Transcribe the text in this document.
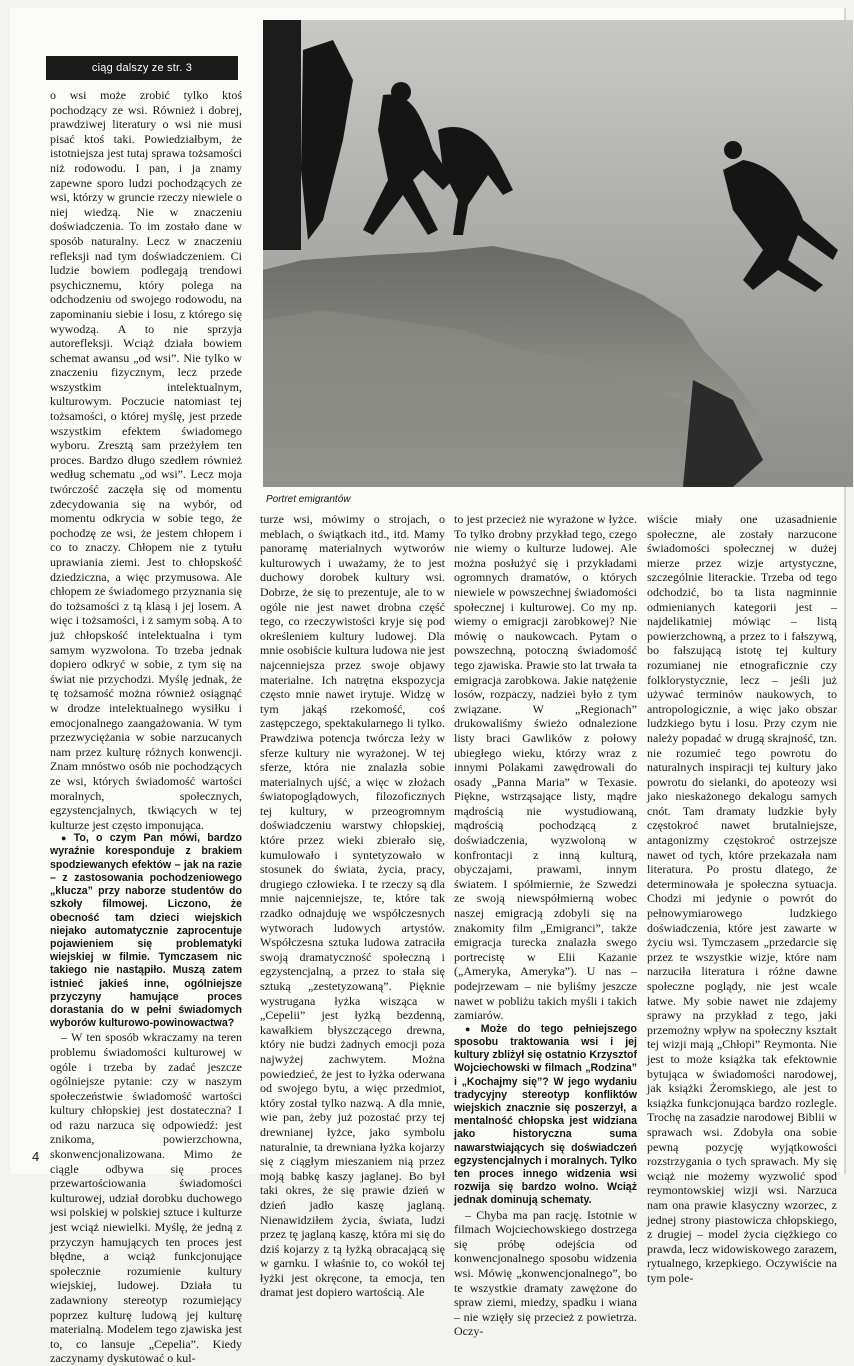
ciąg dalszy ze str. 3

o wsi może zrobić tylko ktoś pochodzący ze wsi. Również i dobrej, prawdziwej literatury o wsi nie musi pisać ktoś taki. Powiedziałbym, że istotniejsza jest tutaj sprawa tożsamości niż rodowodu. I pan, i ja znamy zapewne sporo ludzi pochodzących ze wsi, którzy w gruncie rzeczy niewiele o niej wiedzą. Nie w znaczeniu doświadczenia. To im zostało dane w sposób naturalny. Lecz w znaczeniu refleksji nad tym doświadczeniem. Ci ludzie bowiem podlegają trendowi psychicznemu, który polega na odchodzeniu od swojego rodowodu, na zapominaniu siebie i losu, z którego się wywodzą. A to nie sprzyja autorefleksji. Wciąż działa bowiem schemat awansu „od wsi”. Nie tylko w znaczeniu fizycznym, lecz przede wszystkim intelektualnym, kulturowym. Poczucie natomiast tej tożsamości, o której myślę, jest przede wszystkim efektem świadomego wyboru. Zresztą sam przeżyłem ten proces. Bardzo długo szedłem również według schematu „od wsi”. Lecz moja twórczość zaczęła się od momentu zdecydowania się na wybór, od momentu odkrycia w sobie tego, że pochodzę ze wsi, że jestem chłopem i co to znaczy. Chłopem nie z tytułu uprawiania ziemi. Jest to chłopskość dziedziczna, a więc przymusowa. Ale chłopem ze świadomego przyznania się do tożsamości z tą klasą i jej losem. A więc i tożsamości, i z samym sobą. A to już chłopskość intelektualna i tym samym wyzwolona. To trzeba jednak dopiero odkryć w sobie, z tym się na świat nie przychodzi. Myślę jednak, że tę tożsamość można również osiągnąć w drodze intelektualnego wysiłku i emocjonalnego zaangażowania. W tym przezwyciężania w sobie narzucanych nam przez kulturę różnych konwencji. Znam mnóstwo osób nie pochodzących ze wsi, których świadomość wartości moralnych, społecznych, egzystencjalnych, tkwiących w tej kulturze jest często imponująca.

● To, o czym Pan mówi, bardzo wyraźnie koresponduje z brakiem spodziewanych efektów – jak na razie – z zastosowania pochodzeniowego „klucza” przy naborze studentów do szkoły filmowej. Liczono, że obecność tam dzieci wiejskich niejako automatycznie zaprocentuje pojawieniem się problematyki wiejskiej w filmie. Tymczasem nic takiego nie nastąpiło. Muszą zatem istnieć jakieś inne, ogólniejsze przyczyny hamujące proces dorastania do w pełni świadomych wyborów kulturowo-powinowactwa?

– W ten sposób wkraczamy na teren problemu świadomości kulturowej w ogóle i trzeba by zadać jeszcze ogólniejsze pytanie: czy w naszym społeczeństwie świadomość wartości kultury chłopskiej jest dostateczna? I od razu narzuca się odpowiedź: jest znikoma, powierzchowna, skonwencjonalizowana. Mimo że ciągle odbywa się proces przewartościowania świadomości kulturowej, udział dorobku duchowego wsi polskiej w polskiej sztuce i kulturze jest wciąż niewielki. Myślę, że jedną z przyczyn hamujących ten proces jest błędne, a wciąż funkcjonujące społecznie rozumienie kultury wiejskiej, ludowej. Działa tu zadawniony stereotyp rozumiejący poprzez kulturę ludową jej kulturę materialną. Modelem tego zjawiska jest to, co lansuje „Cepelia”. Kiedy zaczynamy dyskutować o kul-

Portret emigrantów

turze wsi, mówimy o strojach, o meblach, o świątkach itd., itd. Mamy panoramę materialnych wytworów kulturowych i uważamy, że to jest duchowy dorobek kultury wsi. Dobrze, że się to prezentuje, ale to w ogóle nie jest nawet drobna część tego, co rzeczywistości kryje się pod określeniem kultury ludowej. Dla mnie osobiście kultura ludowa nie jest najcenniejsza przez swoje objawy materialne. Ich natrętna ekspozycja często mnie nawet irytuje. Widzę w tym jakąś rzekomość, coś zastępczego, spektakularnego li tylko. Prawdziwa potencja twórcza leży w sferze kultury nie wyrażonej. W tej sferze, która nie znalazła sobie materialnych ujść, a więc w złożach światopoglądowych, filozoficznych tej kultury, w przeogromnym doświadczeniu warstwy chłopskiej, które przez wieki zbierało się, kumulowało i syntetyzowało w stosunek do świata, życia, pracy, drugiego człowieka. I te rzeczy są dla mnie najcenniejsze, te, które tak rzadko odnajduję we współczesnych wytworach ludowych artystów. Współczesna sztuka ludowa zatraciła swoją dramatyczność społeczną i egzystencjalną, a przez to stała się sztuką „zestetyzowaną”. Pięknie wystrugana łyżka wisząca w „Cepelii” jest łyżką bezdenną, kawałkiem błyszczącego drewna, który nie budzi żadnych emocji poza najwyżej zachwytem. Można powiedzieć, że jest to łyżka oderwana od swojego bytu, a więc przedmiot, który został tylko nazwą. A dla mnie, wie pan, żeby już pozostać przy tej drewnianej łyżce, jako symbolu naturalnie, ta drewniana łyżka kojarzy się z ciągłym mieszaniem nią przez moją babkę kaszy jaglanej. Bo był taki okres, że się prawie dzień w dzień jadło kaszę jaglaną. Nienawidziłem życia, świata, ludzi przez tę jaglaną kaszę, która mi się do dziś kojarzy z tą łyżką obracającą się w garnku. I właśnie to, co wokół tej łyżki jest okręcone, ta emocja, ten dramat jest dopiero wartością. Ale

to jest przecież nie wyrażone w łyżce. To tylko drobny przykład tego, czego nie wiemy o kulturze ludowej. Ale można posłużyć się i przykładami ogromnych dramatów, o których niewiele w powszechnej świadomości społecznej i kulturowej. Co my np. wiemy o emigracji zarobkowej? Nie mówię o naukowcach. Pytam o powszechną, potoczną świadomość tego zjawiska. Prawie sto lat trwała ta emigracja zarobkowa. Jakie natężenie losów, rozpaczy, nadziei było z tym związane. W „Regionach” drukowaliśmy świeżo odnalezione listy braci Gawlików z połowy ubiegłego wieku, którzy wraz z innymi Polakami zawędrowali do osady „Panna Maria” w Texasie. Piękne, wstrząsające listy, mądre mądrością nie wystudiowaną, mądrością pochodzącą z doświadczenia, wyzwoloną w konfrontacji z inną kulturą, obyczajami, prawami, innym światem. I spółmiernie, że Szwedzi ze swoją niewspółmierną wobec naszej emigracją zdobyli się na znakomity film „Emigranci”, także emigracja turecka znalazła swego portrecistę w Elii Kazanie („Ameryka, Ameryka”). U nas – podejrzewam – nie byliśmy jeszcze nawet w pobliżu takich myśli i takich zamiarów.

● Może do tego pełniejszego sposobu traktowania wsi i jej kultury zbliżył się ostatnio Krzysztof Wojciechowski w filmach „Rodzina” i „Kochajmy się”? W jego wydaniu tradycyjny stereotyp konfliktów wiejskich znacznie się poszerzył, a mentalność chłopska jest widziana jako historyczna suma nawarstwiających się doświadczeń egzystencjalnych i moralnych. Tylko ten proces innego widzenia wsi rozwija się bardzo wolno. Wciąż jednak dominują schematy.

– Chyba ma pan rację. Istotnie w filmach Wojciechowskiego dostrzega się próbę odejścia od konwencjonalnego sposobu widzenia wsi. Mówię „konwencjonalnego”, bo te wszystkie dramaty zawężone do spraw ziemi, miedzy, spadku i wiana – nie wzięły się przecież z powietrza. Oczy-

wiście miały one uzasadnienie społeczne, ale zostały narzucone świadomości społecznej w dużej mierze przez wizje artystyczne, szczególnie literackie. Trzeba od tego odchodzić, bo ta lista nagminnie odmienianych kategorii jest – najdelikatniej mówiąc – listą powierzchowną, a przez to i fałszywą, bo fałszującą istotę tej kultury rozumianej nie etnograficznie czy folklorystycznie, lecz – jeśli już używać terminów naukowych, to antropologicznie, a więc jako obszar ludzkiego bytu i losu. Przy czym nie należy popadać w drugą skrajność, tzn. nie rozumieć tego powrotu do naturalnych inspiracji tej kultury jako powrotu do sielanki, do apoteozy wsi jako nieskażonego dekalogu samych cnót. Tam dramaty ludzkie były częstokroć nawet brutalniejsze, antagonizmy częstokroć ostrzejsze nawet od tych, które przekazała nam literatura. Po prostu dlatego, że determinowała je społeczna sytuacja. Chodzi mi jedynie o powrót do pełnowymiarowego ludzkiego doświadczenia, które jest zawarte w życiu wsi. Tymczasem „przedarcie się przez te wszystkie wizje, które nam narzuciła literatura i różne dawne społeczne poglądy, nie jest wcale łatwe. My sobie nawet nie zdajemy sprawy na przykład z tego, jaki przemożny wpływ na społeczny kształt tej wizji mają „Chłopi” Reymonta. Nie jest to może książka tak efektownie bytująca w świadomości narodowej, jak książki Żeromskiego, ale jest to książka funkcjonująca bardzo rozlegle. Trochę na zasadzie narodowej Biblii w sprawach wsi. Zdobyła ona sobie pewną pozycję wyjątkowości rozstrzygania o tych sprawach. My się wciąż nie możemy wyzwolić spod reymontowskiej wizji wsi. Narzuca nam ona prawie klasyczny wzorzec, z jednej strony piastowicza chłopskiego, z drugiej – model życia ciężkiego co prawda, lecz widowiskowego zarazem, rytualnego, krzepkiego. Oczywiście na tym pole-

4
